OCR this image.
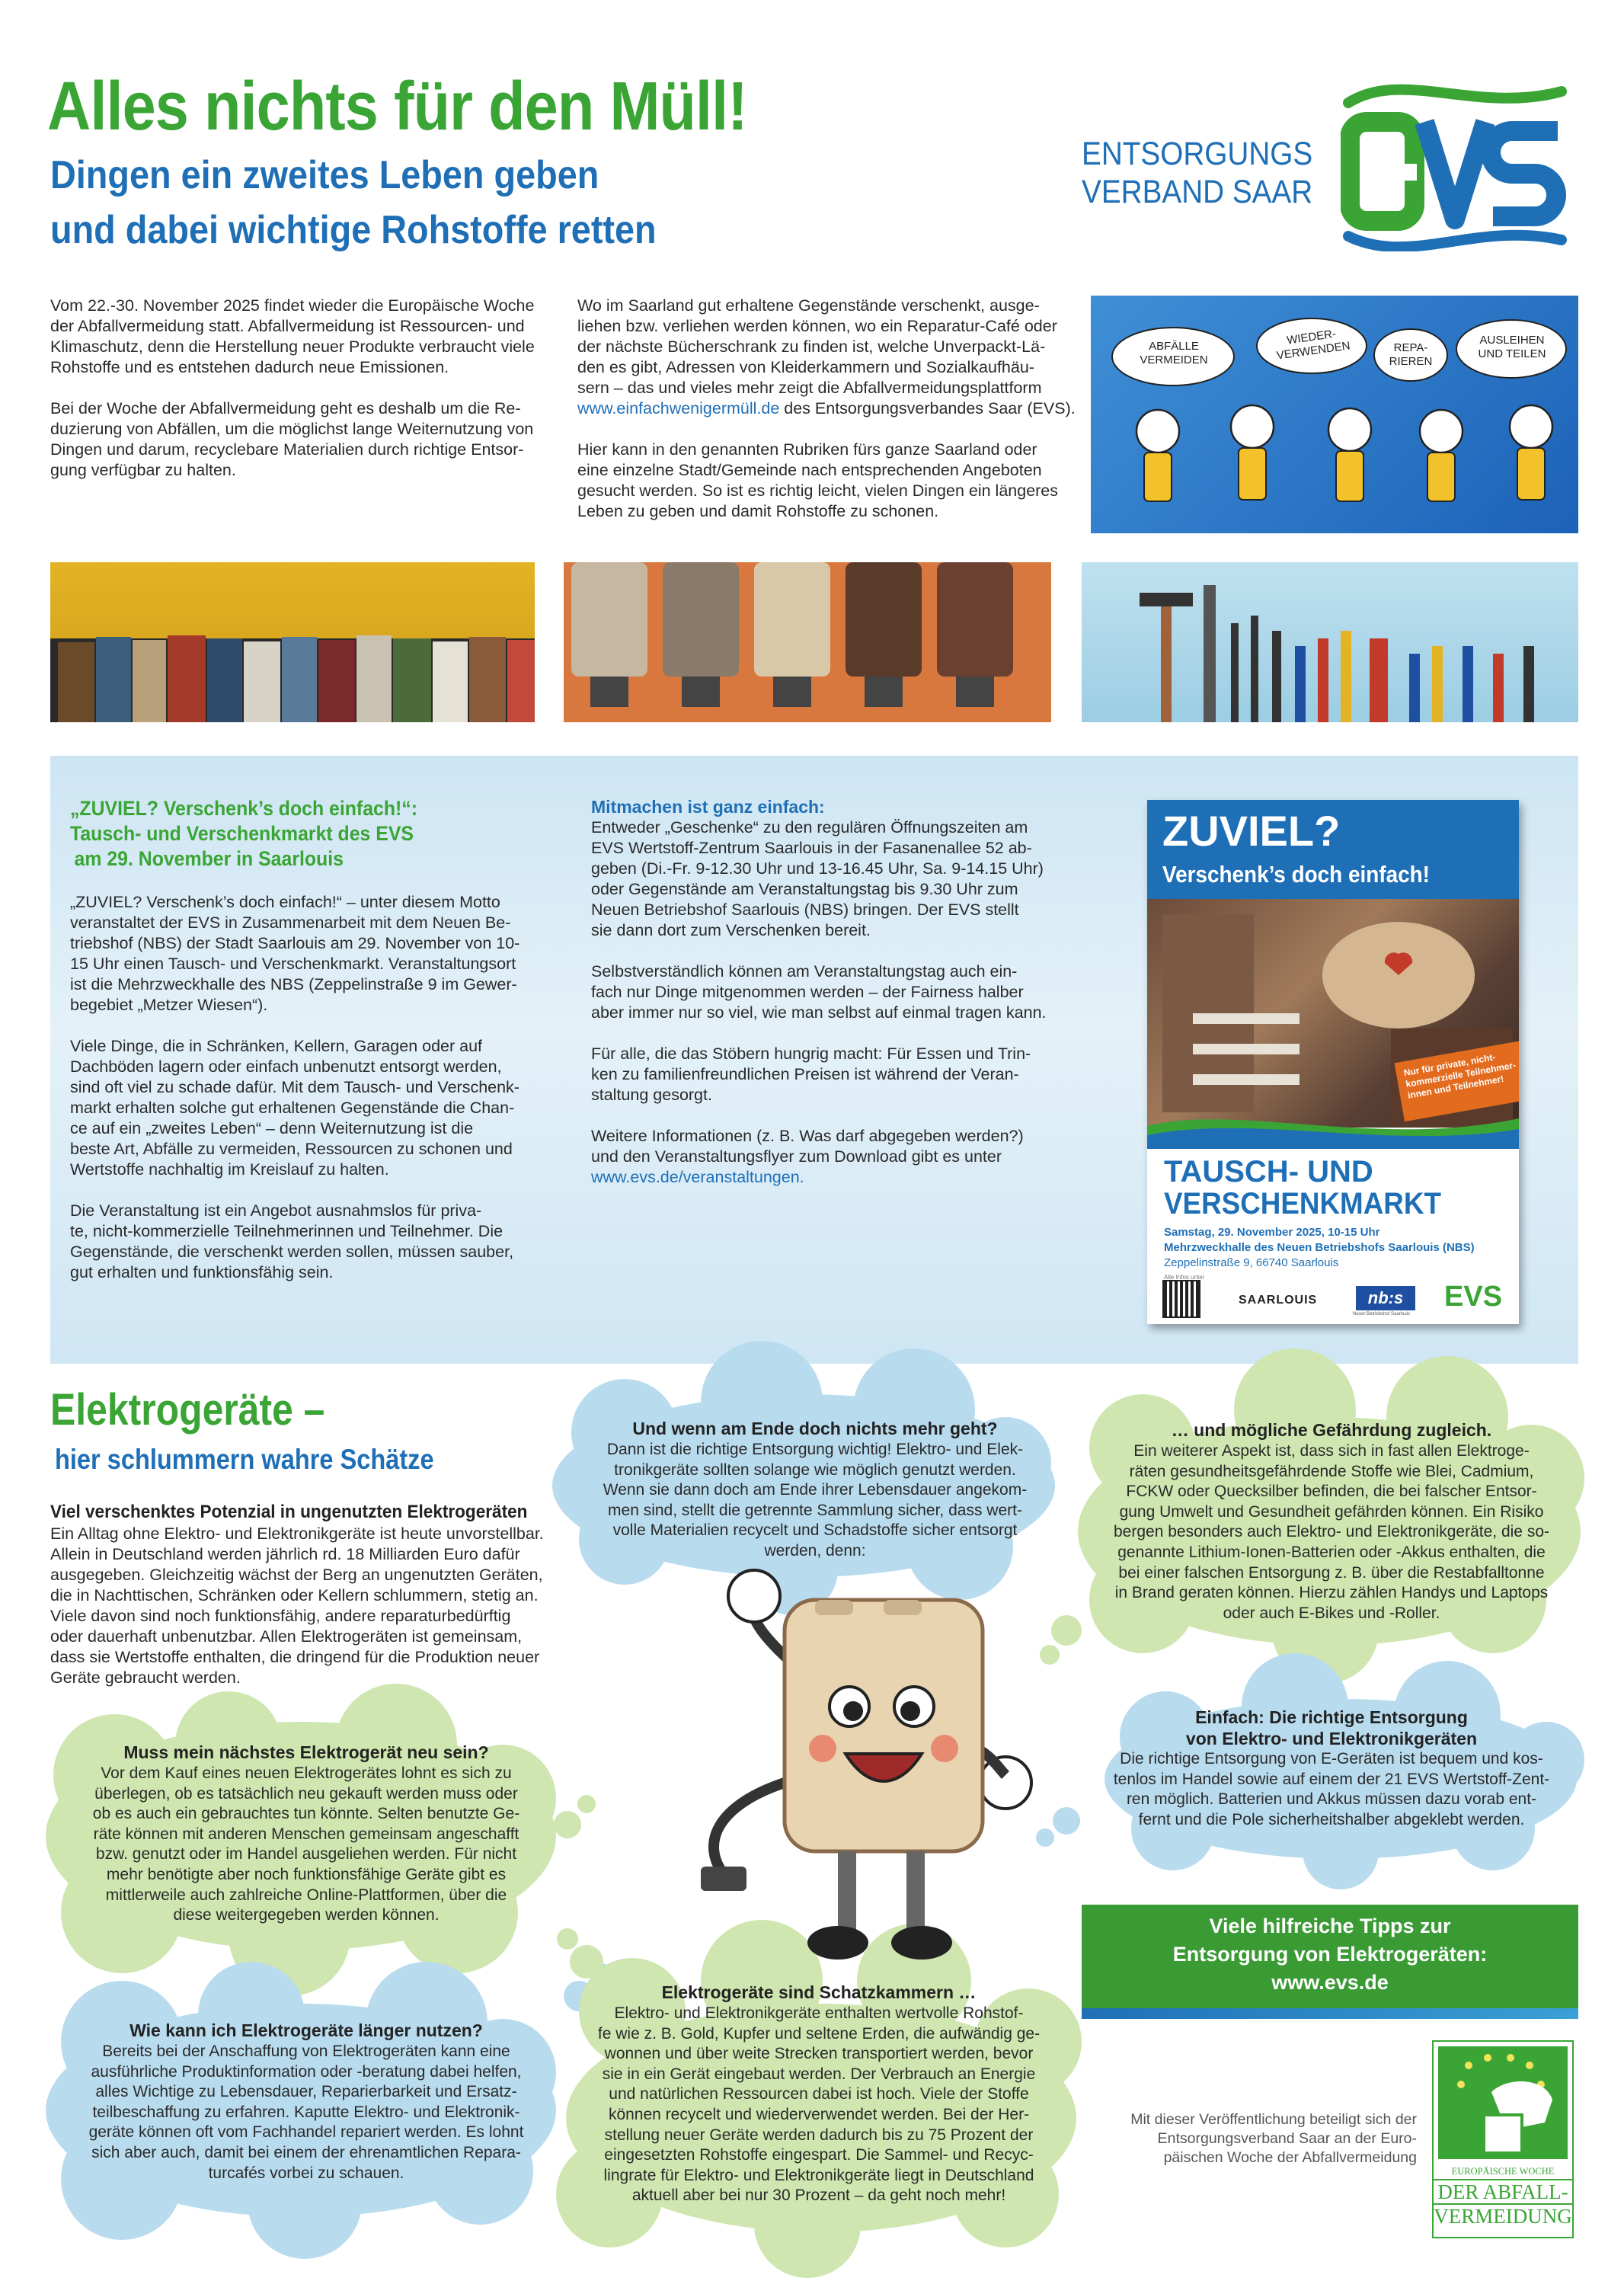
Alles nichts für den Müll!
Dingen ein zweites Leben geben
und dabei wichtige Rohstoffe retten
ENTSORGUNGS
VERBAND SAAR

Vom 22.-30. November 2025 findet wieder die Europäische Woche
der Abfallvermeidung statt. Abfallvermeidung ist Ressourcen- und
Klimaschutz, denn die Herstellung neuer Produkte verbraucht viele
Rohstoffe und es entstehen dadurch neue Emissionen.

Bei der Woche der Abfallvermeidung geht es deshalb um die Re-
duzierung von Abfällen, um die möglichst lange Weiternutzung von
Dingen und darum, recyclebare Materialien durch richtige Entsor-
gung verfügbar zu halten.

Wo im Saarland gut erhaltene Gegenstände verschenkt, ausge-
liehen bzw. verliehen werden können, wo ein Reparatur-Café oder
der nächste Bücherschrank zu finden ist, welche Unverpackt-Lä-
den es gibt, Adressen von Kleiderkammern und Sozialkaufhäu-
sern – das und vieles mehr zeigt die Abfallvermeidungsplattform

www.einfachwenigermüll.de des Entsorgungsverbandes Saar (EVS).

Hier kann in den genannten Rubriken fürs ganze Saarland oder
eine einzelne Stadt/Gemeinde nach entsprechenden Angeboten
gesucht werden. So ist es richtig leicht, vielen Dingen ein längeres
Leben zu geben und damit Rohstoffe zu schonen.

ABFÄLLE
VERMEIDEN
WIEDER-
VERWENDEN	REPA-
RIEREN
AUSLEIHEN
UND TEILEN
„ZUVIEL? Verschenk’s doch einfach!“:
Tausch- und Verschenkmarkt des EVS
am 29. November in Saarlouis

„ZUVIEL? Verschenk’s doch einfach!“ – unter diesem Motto
veranstaltet der EVS in Zusammenarbeit mit dem Neuen Be-
triebshof (NBS) der Stadt Saarlouis am 29. November von 10-
15 Uhr einen Tausch- und Verschenkmarkt. Veranstaltungsort
ist die Mehrzweckhalle des NBS (Zeppelinstraße 9 im Gewer-
begebiet „Metzer Wiesen“).

Viele Dinge, die in Schränken, Kellern, Garagen oder auf
Dachböden lagern oder einfach unbenutzt entsorgt werden,
sind oft viel zu schade dafür. Mit dem Tausch- und Verschenk-
markt erhalten solche gut erhaltenen Gegenstände die Chan-
ce auf ein „zweites Leben“ – denn Weiternutzung ist die
beste Art, Abfälle zu vermeiden, Ressourcen zu schonen und
Wertstoffe nachhaltig im Kreislauf zu halten.

Die Veranstaltung ist ein Angebot ausnahmslos für priva-
te, nicht-kommerzielle Teilnehmerinnen und Teilnehmer. Die
Gegenstände, die verschenkt werden sollen, müssen sauber,
gut erhalten und funktionsfähig sein.

Mitmachen ist ganz einfach:

Entweder „Geschenke“ zu den regulären Öffnungszeiten am
EVS Wertstoff-Zentrum Saarlouis in der Fasanenallee 52 ab-
geben (Di.-Fr. 9-12.30 Uhr und 13-16.45 Uhr, Sa. 9-14.15 Uhr)
oder Gegenstände am Veranstaltungstag bis 9.30 Uhr zum
Neuen Betriebshof Saarlouis (NBS) bringen. Der EVS stellt
sie dann dort zum Verschenken bereit.

Selbstverständlich können am Veranstaltungstag auch ein-
fach nur Dinge mitgenommen werden – der Fairness halber
aber immer nur so viel, wie man selbst auf einmal tragen kann.

Für alle, die das Stöbern hungrig macht: Für Essen und Trin-
ken zu familienfreundlichen Preisen ist während der Veran-
staltung gesorgt.

Weitere Informationen (z. B. Was darf abgegeben werden?)
und den Veranstaltungsflyer zum Download gibt es unter

www.evs.de/veranstaltungen.

ZUVIEL?
Verschenk’s doch einfach!
Nur für private, nicht-
kommerzielle Teilnehmer-
innen und Teilnehmer!
TAUSCH- UND
VERSCHENKMARKT
Samstag, 29. November 2025, 10-15 Uhr
Mehrzweckhalle des Neuen Betriebshofs Saarlouis (NBS)
Zeppelinstraße 9, 66740 Saarlouis
Alle Infos unter
SAARLOUIS	nb:s
Neuer Betriebshof Saarlouis
EVS
Elektrogeräte –
hier schlummern wahre Schätze
Viel verschenktes Potenzial in ungenutzten Elektrogeräten

Ein Alltag ohne Elektro- und Elektronikgeräte ist heute unvorstellbar.
Allein in Deutschland werden jährlich rd. 18 Milliarden Euro dafür
ausgegeben. Gleichzeitig wächst der Berg an ungenutzten Geräten,
die in Nachttischen, Schränken oder Kellern schlummern, stetig an.
Viele davon sind noch funktionsfähig, andere reparaturbedürftig
oder dauerhaft unbenutzbar. Allen Elektrogeräten ist gemeinsam,
dass sie Wertstoffe enthalten, die dringend für die Produktion neuer
Geräte gebraucht werden.

Muss mein nächstes Elektrogerät neu sein?

Vor dem Kauf eines neuen Elektrogerätes lohnt es sich zu
überlegen, ob es tatsächlich neu gekauft werden muss oder
ob es auch ein gebrauchtes tun könnte. Selten benutzte Ge-
räte können mit anderen Menschen gemeinsam angeschafft
bzw. genutzt oder im Handel ausgeliehen werden. Für nicht
mehr benötigte aber noch funktionsfähige Geräte gibt es
mittlerweile auch zahlreiche Online-Plattformen, über die
diese weitergegeben werden können.

Wie kann ich Elektrogeräte länger nutzen?

Bereits bei der Anschaffung von Elektrogeräten kann eine
ausführliche Produktinformation oder -beratung dabei helfen,
alles Wichtige zu Lebensdauer, Reparierbarkeit und Ersatz-
teilbeschaffung zu erfahren. Kaputte Elektro- und Elektronik-
geräte können oft vom Fachhandel repariert werden. Es lohnt
sich aber auch, damit bei einem der ehrenamtlichen Repara-
turcafés vorbei zu schauen.

Und wenn am Ende doch nichts mehr geht?

Dann ist die richtige Entsorgung wichtig! Elektro- und Elek-
tronikgeräte sollten solange wie möglich genutzt werden.
Wenn sie dann doch am Ende ihrer Lebensdauer angekom-
men sind, stellt die getrennte Sammlung sicher, dass wert-
volle Materialien recycelt und Schadstoffe sicher entsorgt
werden, denn:

Elektrogeräte sind Schatzkammern …

Elektro- und Elektronikgeräte enthalten wertvolle Rohstof-
fe wie z. B. Gold, Kupfer und seltene Erden, die aufwändig ge-
wonnen und über weite Strecken transportiert werden, bevor
sie in ein Gerät eingebaut werden. Der Verbrauch an Energie
und natürlichen Ressourcen dabei ist hoch. Viele der Stoffe
können recycelt und wiederverwendet werden. Bei der Her-
stellung neuer Geräte werden dadurch bis zu 75 Prozent der
eingesetzten Rohstoffe eingespart. Die Sammel- und Recyc-
lingrate für Elektro- und Elektronikgeräte liegt in Deutschland
aktuell aber bei nur 30 Prozent – da geht noch mehr!

… und mögliche Gefährdung zugleich.

Ein weiterer Aspekt ist, dass sich in fast allen Elektroge-
räten gesundheitsgefährdende Stoffe wie Blei, Cadmium,
FCKW oder Quecksilber befinden, die bei falscher Entsor-
gung Umwelt und Gesundheit gefährden können. Ein Risiko
bergen besonders auch Elektro- und Elektronikgeräte, die so-
genannte Lithium-Ionen-Batterien oder -Akkus enthalten, die
bei einer falschen Entsorgung z. B. über die Restabfalltonne
in Brand geraten können. Hierzu zählen Handys und Laptops
oder auch E-Bikes und -Roller.

Einfach: Die richtige Entsorgung
von Elektro- und Elektronikgeräten

Die richtige Entsorgung von E-Geräten ist bequem und kos-
tenlos im Handel sowie auf einem der 21 EVS Wertstoff-Zent-
ren möglich. Batterien und Akkus müssen dazu vorab ent-
fernt und die Pole sicherheitshalber abgeklebt werden.

Viele hilfreiche Tipps zur
Entsorgung von Elektrogeräten:
www.evs.de

Mit dieser Veröffentlichung beteiligt sich der
Entsorgungsverband Saar an der Euro-
päischen Woche der Abfallvermeidung

EUROPÄISCHE WOCHE
DER ABFALL-
VERMEIDUNG
